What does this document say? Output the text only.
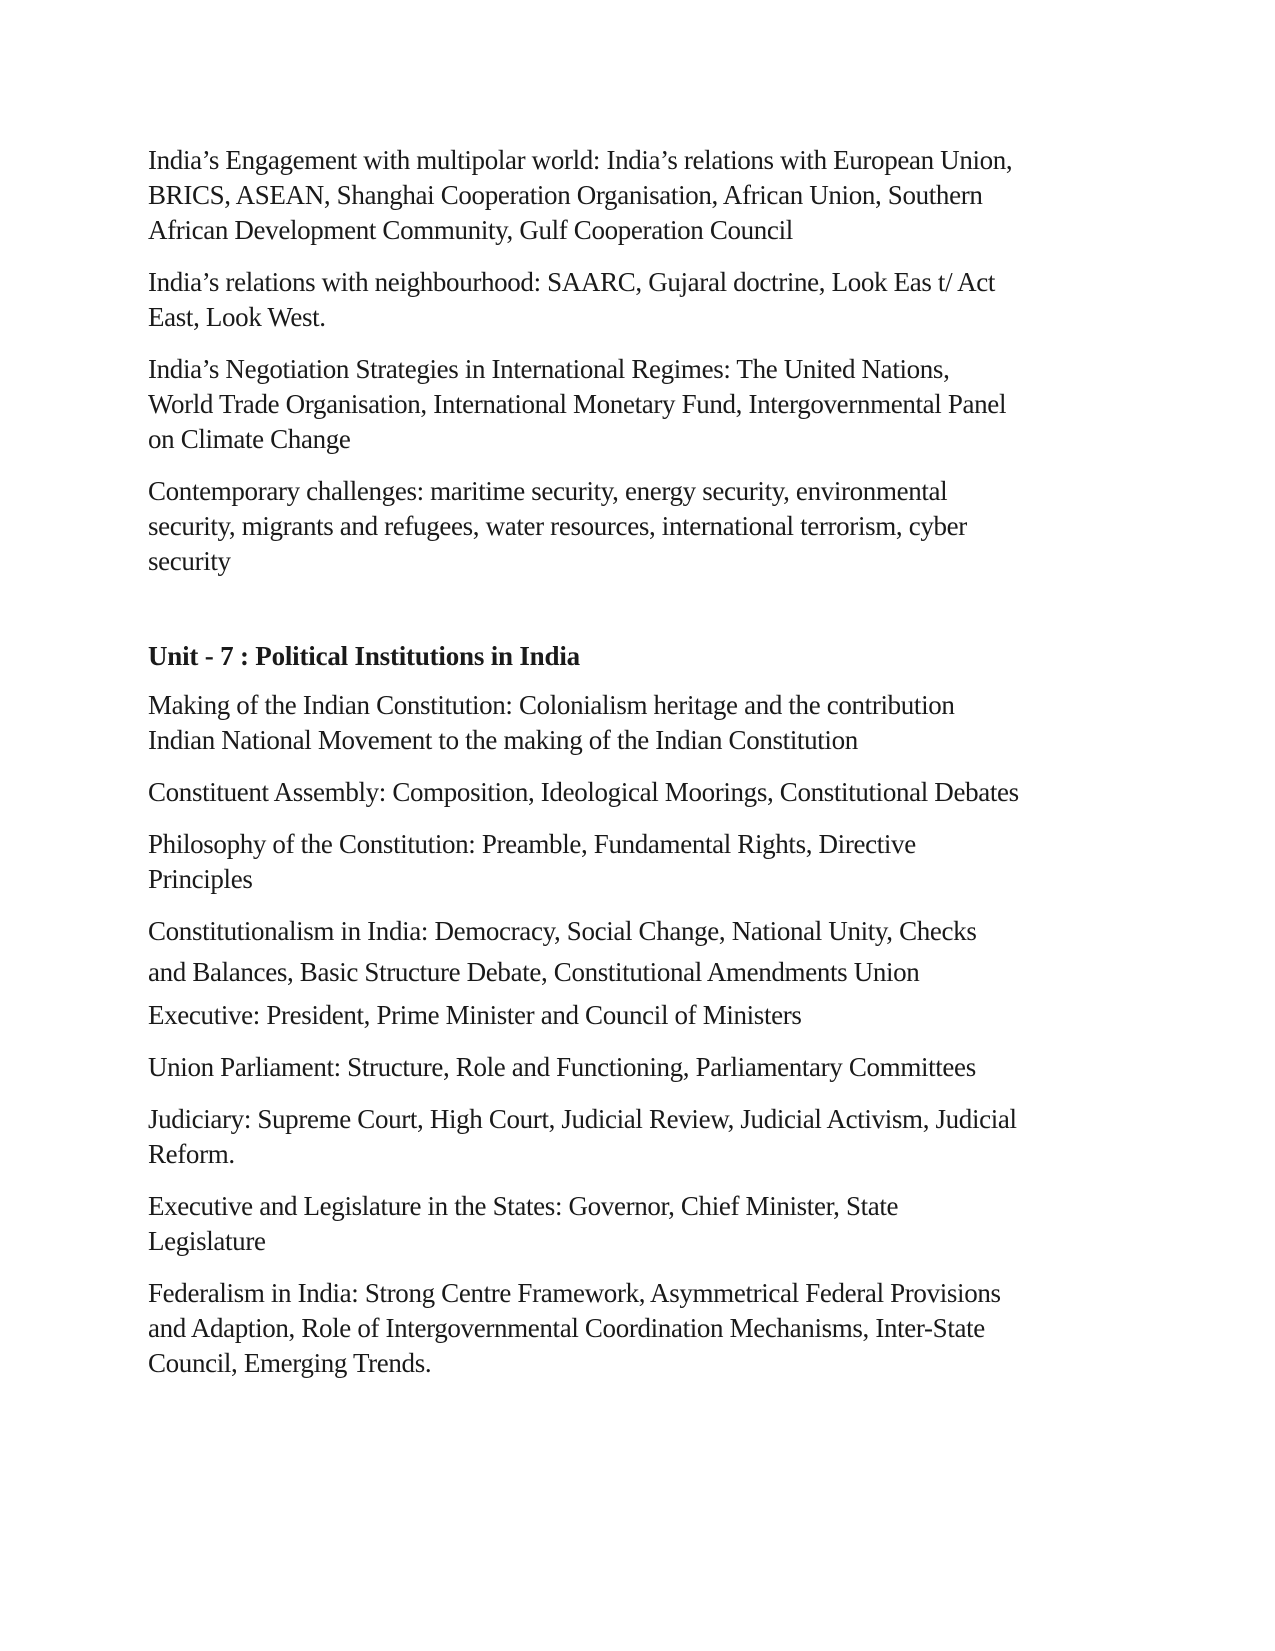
India’s Engagement with multipolar world: India’s relations with European Union,

BRICS, ASEAN, Shanghai Cooperation Organisation, African Union, Southern

African Development Community, Gulf Cooperation Council

India’s relations with neighbourhood: SAARC, Gujaral doctrine, Look Eas t/ Act

East, Look West.

India’s Negotiation Strategies in International Regimes: The United Nations,

World Trade Organisation, International Monetary Fund, Intergovernmental Panel

on Climate Change

Contemporary challenges: maritime security, energy security, environmental

security, migrants and refugees, water resources, international terrorism, cyber

security

Unit - 7 : Political Institutions in India

Making of the Indian Constitution: Colonialism heritage and the contribution

Indian National Movement to the making of the Indian Constitution

Constituent Assembly: Composition, Ideological Moorings, Constitutional Debates

Philosophy of the Constitution: Preamble, Fundamental Rights, Directive

Principles

Constitutionalism in India: Democracy, Social Change, National Unity, Checks

and Balances, Basic Structure Debate, Constitutional Amendments Union

Executive: President, Prime Minister and Council of Ministers

Union Parliament: Structure, Role and Functioning, Parliamentary Committees

Judiciary: Supreme Court, High Court, Judicial Review, Judicial Activism, Judicial

Reform.

Executive and Legislature in the States: Governor, Chief Minister, State

Legislature

Federalism in India: Strong Centre Framework, Asymmetrical Federal Provisions

and Adaption, Role of Intergovernmental Coordination Mechanisms, Inter-State

Council, Emerging Trends.
